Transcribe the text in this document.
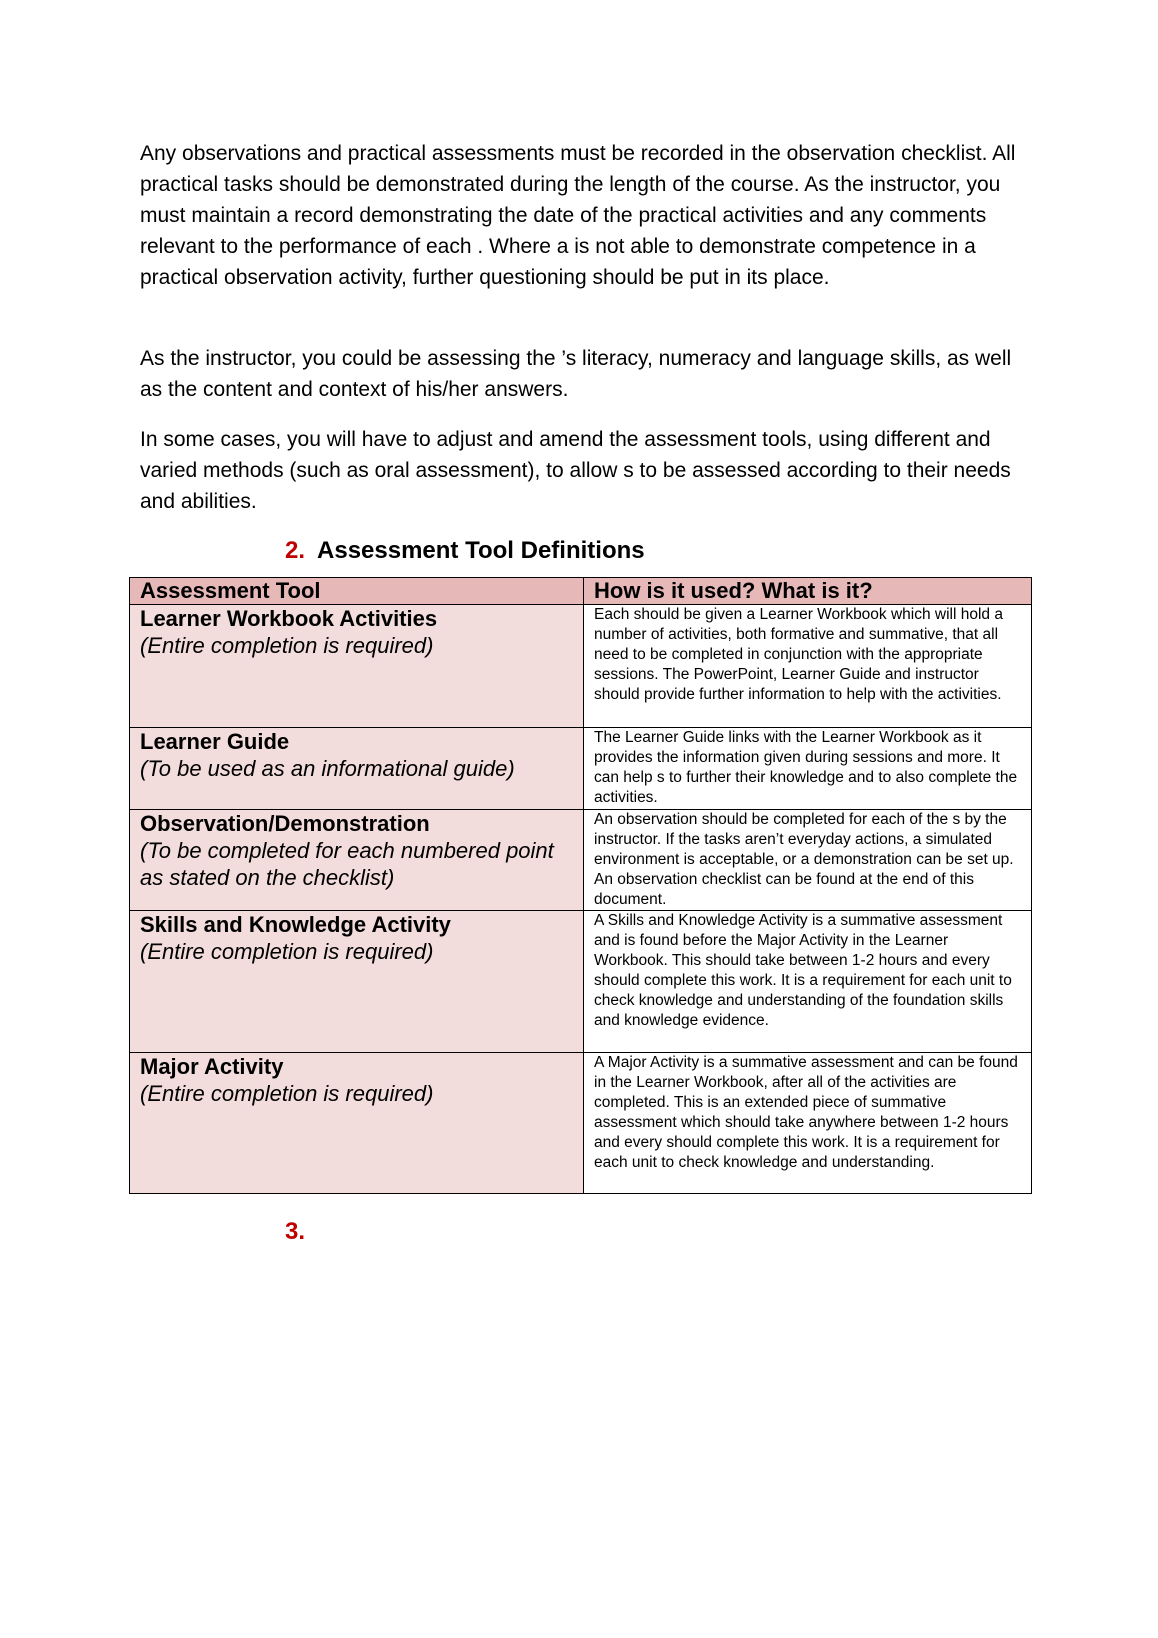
Any observations and practical assessments must be recorded in the observation checklist. All practical tasks should be demonstrated during the length of the course. As the instructor, you must maintain a record demonstrating the date of the practical activities and any comments relevant to the performance of each . Where a is not able to demonstrate competence in a practical observation activity, further questioning should be put in its place.

As the instructor, you could be assessing the ’s literacy, numeracy and language skills, as well as the content and context of his/her answers.

In some cases, you will have to adjust and amend the assessment tools, using different and varied methods (such as oral assessment), to allow s to be assessed according to their needs and abilities.

2. Assessment Tool Definitions
Assessment Tool	How is it used? What is it?

Learner Workbook Activities
(Entire completion is required)	Each should be given a Learner Workbook which will hold a number of activities, both formative and summative, that all need to be completed in conjunction with the appropriate sessions. The PowerPoint, Learner Guide and instructor should provide further information to help with the activities.

Learner Guide
(To be used as an informational guide)	The Learner Guide links with the Learner Workbook as it provides the information given during sessions and more. It can help s to further their knowledge and to also complete the activities.

Observation/Demonstration
(To be completed for each numbered point as stated on the checklist)	An observation should be completed for each of the s by the instructor. If the tasks aren’t everyday actions, a simulated environment is acceptable, or a demonstration can be set up. An observation checklist can be found at the end of this document.

Skills and Knowledge Activity
(Entire completion is required)	A Skills and Knowledge Activity is a summative assessment and is found before the Major Activity in the Learner Workbook. This should take between 1-2 hours and every should complete this work. It is a requirement for each unit to check knowledge and understanding of the foundation skills and knowledge evidence.

Major Activity
(Entire completion is required)	A Major Activity is a summative assessment and can be found in the Learner Workbook, after all of the activities are completed. This is an extended piece of summative assessment which should take anywhere between 1-2 hours and every should complete this work. It is a requirement for each unit to check knowledge and understanding.
3.
